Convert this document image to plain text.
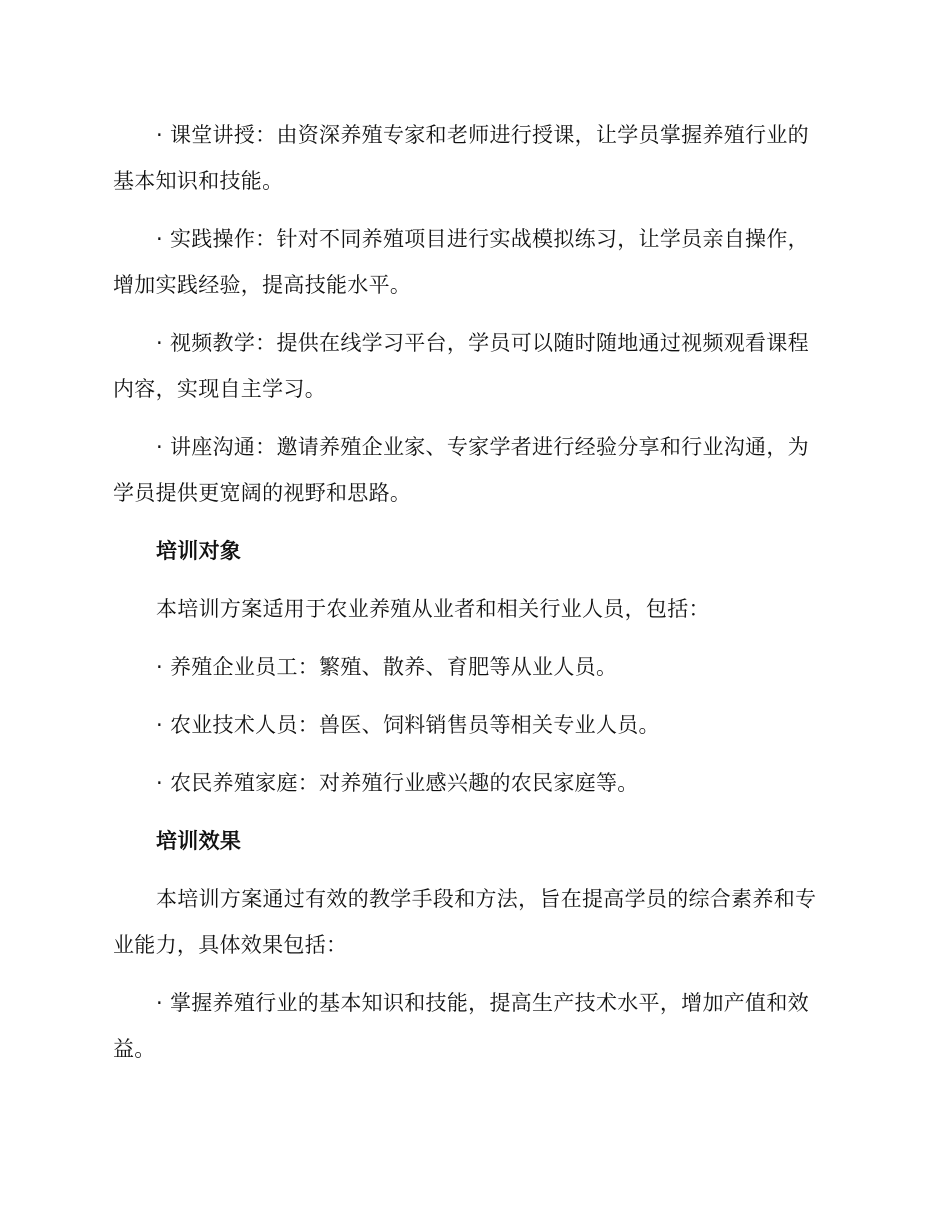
· 课堂讲授：由资深养殖专家和老师进行授课，让学员掌握养殖行业的基本知识和技能。

· 实践操作：针对不同养殖项目进行实战模拟练习，让学员亲自操作，增加实践经验，提高技能水平。

· 视频教学：提供在线学习平台，学员可以随时随地通过视频观看课程内容，实现自主学习。

· 讲座沟通：邀请养殖企业家、专家学者进行经验分享和行业沟通，为学员提供更宽阔的视野和思路。

培训对象

本培训方案适用于农业养殖从业者和相关行业人员，包括：

· 养殖企业员工：繁殖、散养、育肥等从业人员。

· 农业技术人员：兽医、饲料销售员等相关专业人员。

· 农民养殖家庭：对养殖行业感兴趣的农民家庭等。

培训效果

本培训方案通过有效的教学手段和方法，旨在提高学员的综合素养和专业能力，具体效果包括：

· 掌握养殖行业的基本知识和技能，提高生产技术水平，增加产值和效益。
